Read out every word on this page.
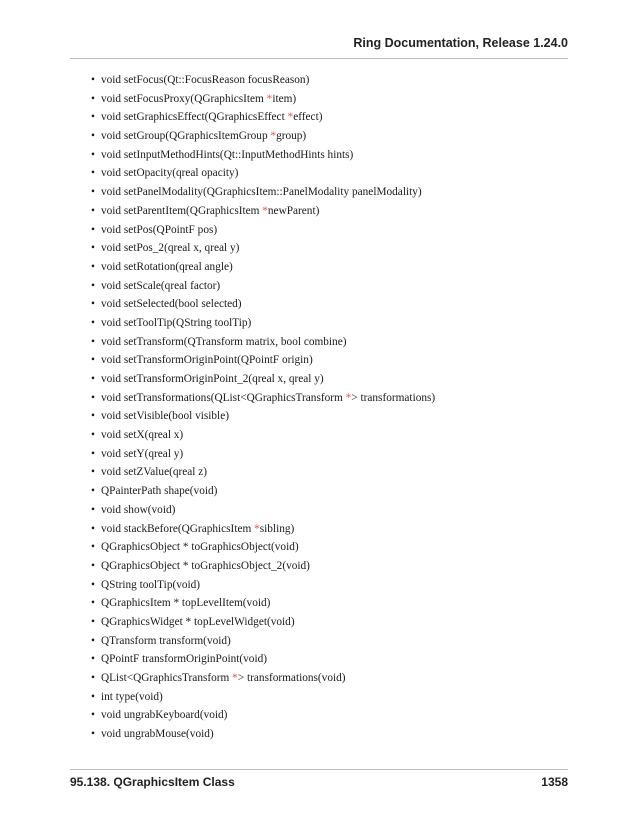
Ring Documentation, Release 1.24.0
• void setFocus(Qt::FocusReason focusReason)
• void setFocusProxy(QGraphicsItem *item)
• void setGraphicsEffect(QGraphicsEffect *effect)
• void setGroup(QGraphicsItemGroup *group)
• void setInputMethodHints(Qt::InputMethodHints hints)
• void setOpacity(qreal opacity)
• void setPanelModality(QGraphicsItem::PanelModality panelModality)
• void setParentItem(QGraphicsItem *newParent)
• void setPos(QPointF pos)
• void setPos_2(qreal x, qreal y)
• void setRotation(qreal angle)
• void setScale(qreal factor)
• void setSelected(bool selected)
• void setToolTip(QString toolTip)
• void setTransform(QTransform matrix, bool combine)
• void setTransformOriginPoint(QPointF origin)
• void setTransformOriginPoint_2(qreal x, qreal y)
• void setTransformations(QList<QGraphicsTransform *> transformations)
• void setVisible(bool visible)
• void setX(qreal x)
• void setY(qreal y)
• void setZValue(qreal z)
• QPainterPath shape(void)
• void show(void)
• void stackBefore(QGraphicsItem *sibling)
• QGraphicsObject * toGraphicsObject(void)
• QGraphicsObject * toGraphicsObject_2(void)
• QString toolTip(void)
• QGraphicsItem * topLevelItem(void)
• QGraphicsWidget * topLevelWidget(void)
• QTransform transform(void)
• QPointF transformOriginPoint(void)
• QList<QGraphicsTransform *> transformations(void)
• int type(void)
• void ungrabKeyboard(void)
• void ungrabMouse(void)
95.138. QGraphicsItem Class	1358
